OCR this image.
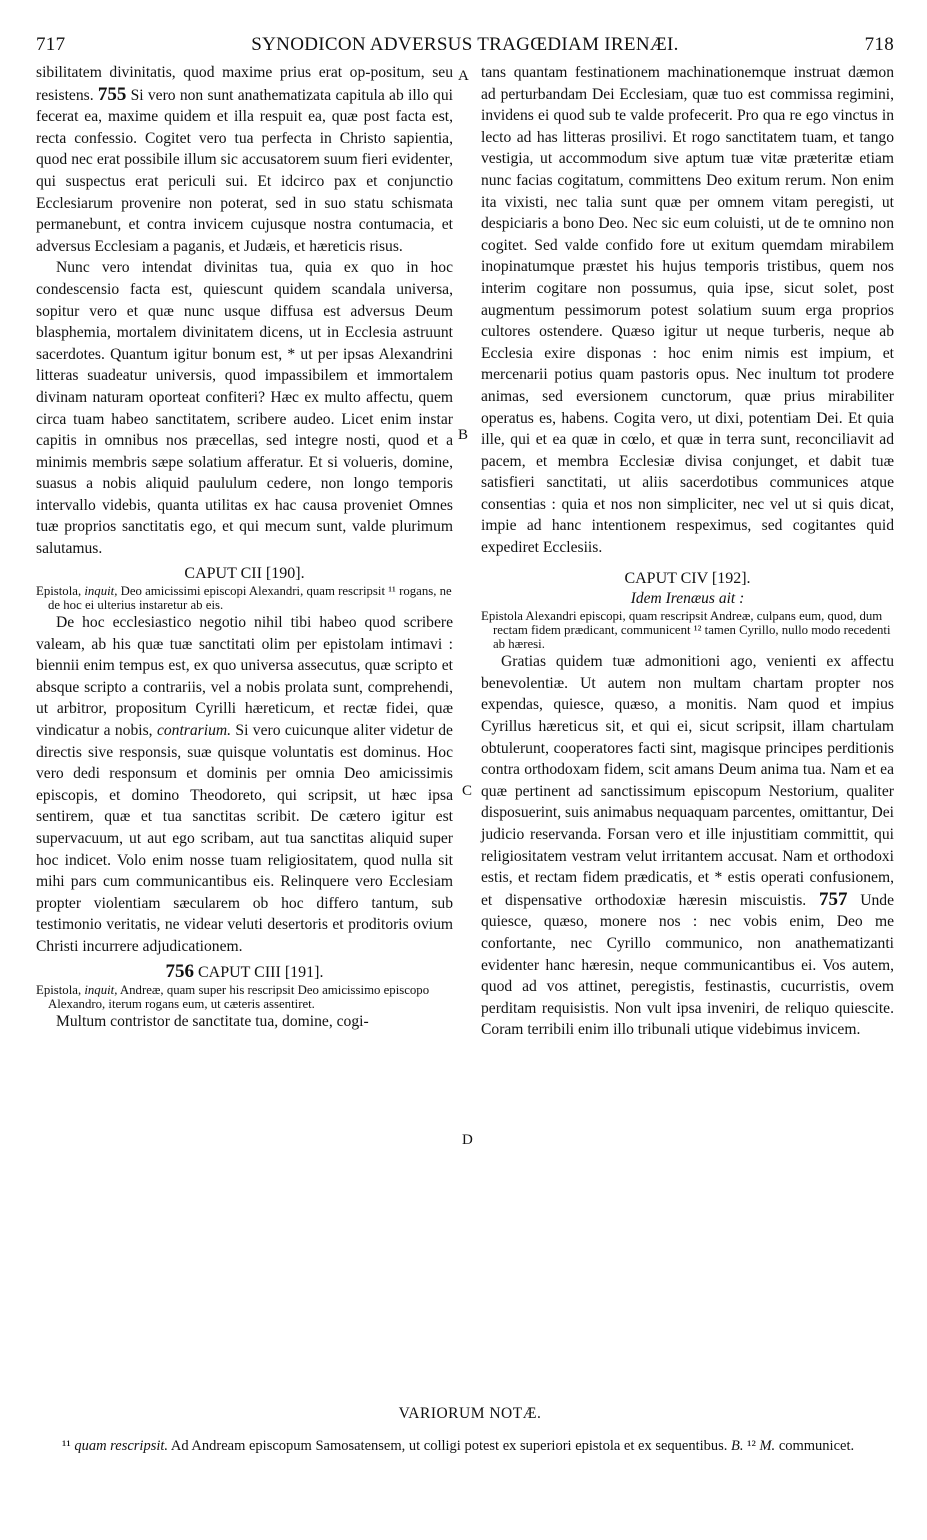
717	SYNODICON ADVERSUS TRAGŒDIAM IRENÆI.	718
A
B
C
D

sibilitatem divinitatis, quod maxime prius erat op-positum, seu resistens. 755 Si vero non sunt anathematizata capitula ab illo qui fecerat ea, maxime quidem et illa respuit ea, quæ post facta est, recta confessio. Cogitet vero tua perfecta in Christo sapientia, quod nec erat possibile illum sic accusatorem suum fieri evidenter, qui suspectus erat periculi sui. Et idcirco pax et conjunctio Ecclesiarum provenire non poterat, sed in suo statu schismata permanebunt, et contra invicem cujusque nostra contumacia, et adversus Ecclesiam a paganis, et Judæis, et hæreticis risus.

Nunc vero intendat divinitas tua, quia ex quo in hoc condescensio facta est, quiescunt quidem scandala universa, sopitur vero et quæ nunc usque diffusa est adversus Deum blasphemia, mortalem divinitatem dicens, ut in Ecclesia astruunt sacerdotes. Quantum igitur bonum est, * ut per ipsas Alexandrini litteras suadeatur universis, quod impassibilem et immortalem divinam naturam oporteat confiteri? Hæc ex multo affectu, quem circa tuam habeo sanctitatem, scribere audeo. Licet enim instar capitis in omnibus nos præcellas, sed integre nosti, quod et a minimis membris sæpe solatium afferatur. Et si volueris, domine, suasus a nobis aliquid paululum cedere, non longo temporis intervallo videbis, quanta utilitas ex hac causa proveniet Omnes tuæ proprios sanctitatis ego, et qui mecum sunt, valde plurimum salutamus.

CAPUT CII [190].

Epistola, inquit, Deo amicissimi episcopi Alexandri, quam rescripsit ¹¹ rogans, ne de hoc ei ulterius instaretur ab eis.

De hoc ecclesiastico negotio nihil tibi habeo quod scribere valeam, ab his quæ tuæ sanctitati olim per epistolam intimavi : biennii enim tempus est, ex quo universa assecutus, quæ scripto et absque scripto a contrariis, vel a nobis prolata sunt, comprehendi, ut arbitror, propositum Cyrilli hæreticum, et rectæ fidei, quæ vindicatur a nobis, contrarium. Si vero cuicunque aliter videtur de directis sive responsis, suæ quisque voluntatis est dominus. Hoc vero dedi responsum et dominis per omnia Deo amicissimis episcopis, et domino Theodoreto, qui scripsit, ut hæc ipsa sentirem, quæ et tua sanctitas scribit. De cætero igitur est supervacuum, ut aut ego scribam, aut tua sanctitas aliquid super hoc indicet. Volo enim nosse tuam religiositatem, quod nulla sit mihi pars cum communicantibus eis. Relinquere vero Ecclesiam propter violentiam sæcularem ob hoc differo tantum, sub testimonio veritatis, ne videar veluti desertoris et proditoris ovium Christi incurrere adjudicationem.

756 CAPUT CIII [191].

Epistola, inquit, Andreæ, quam super his rescripsit Deo amicissimo episcopo Alexandro, iterum rogans eum, ut cæteris assentiret.

Multum contristor de sanctitate tua, domine, cogi-

tans quantam festinationem machinationemque instruat dæmon ad perturbandam Dei Ecclesiam, quæ tuo est commissa regimini, invidens ei quod sub te valde profecerit. Pro qua re ego vinctus in lecto ad has litteras prosilivi. Et rogo sanctitatem tuam, et tango vestigia, ut accommodum sive aptum tuæ vitæ præteritæ etiam nunc facias cogitatum, committens Deo exitum rerum. Non enim ita vixisti, nec talia sunt quæ per omnem vitam peregisti, ut despiciaris a bono Deo. Nec sic eum coluisti, ut de te omnino non cogitet. Sed valde confido fore ut exitum quemdam mirabilem inopinatumque præstet his hujus temporis tristibus, quem nos interim cogitare non possumus, quia ipse, sicut solet, post augmentum pessimorum potest solatium suum erga proprios cultores ostendere. Quæso igitur ut neque turberis, neque ab Ecclesia exire disponas : hoc enim nimis est impium, et mercenarii potius quam pastoris opus. Nec inultum tot prodere animas, sed eversionem cunctorum, quæ prius mirabiliter operatus es, habens. Cogita vero, ut dixi, potentiam Dei. Et quia ille, qui et ea quæ in cœlo, et quæ in terra sunt, reconciliavit ad pacem, et membra Ecclesiæ divisa conjunget, et dabit tuæ satisfieri sanctitati, ut aliis sacerdotibus communices atque consentias : quia et nos non simpliciter, nec vel ut si quis dicat, impie ad hanc intentionem respeximus, sed cogitantes quid expediret Ecclesiis.

CAPUT CIV [192].

Idem Irenæus ait :

Epistola Alexandri episcopi, quam rescripsit Andreæ, culpans eum, quod, dum rectam fidem prædicant, communicent ¹² tamen Cyrillo, nullo modo recedenti ab hæresi.

Gratias quidem tuæ admonitioni ago, venienti ex affectu benevolentiæ. Ut autem non multam chartam propter nos expendas, quiesce, quæso, a monitis. Nam quod et impius Cyrillus hæreticus sit, et qui ei, sicut scripsit, illam chartulam obtulerunt, cooperatores facti sint, magisque principes perditionis contra orthodoxam fidem, scit amans Deum anima tua. Nam et ea quæ pertinent ad sanctissimum episcopum Nestorium, qualiter disposuerint, suis animabus nequaquam parcentes, omittantur, Dei judicio reservanda. Forsan vero et ille injustitiam committit, qui religiositatem vestram velut irritantem accusat. Nam et orthodoxi estis, et rectam fidem prædicatis, et * estis operati confusionem, et dispensative orthodoxiæ hæresin miscuistis. 757 Unde quiesce, quæso, monere nos : nec vobis enim, Deo me confortante, nec Cyrillo communico, non anathematizanti evidenter hanc hæresin, neque communicantibus ei. Vos autem, quod ad vos attinet, peregistis, festinastis, cucurristis, ovem perditam requisistis. Non vult ipsa inveniri, de reliquo quiescite. Coram terribili enim illo tribunali utique videbimus invicem.

VARIORUM NOTÆ.

¹¹ quam rescripsit. Ad Andream episcopum Samosatensem, ut colligi potest ex superiori epistola et ex sequentibus. B. ¹² M. communicet.
